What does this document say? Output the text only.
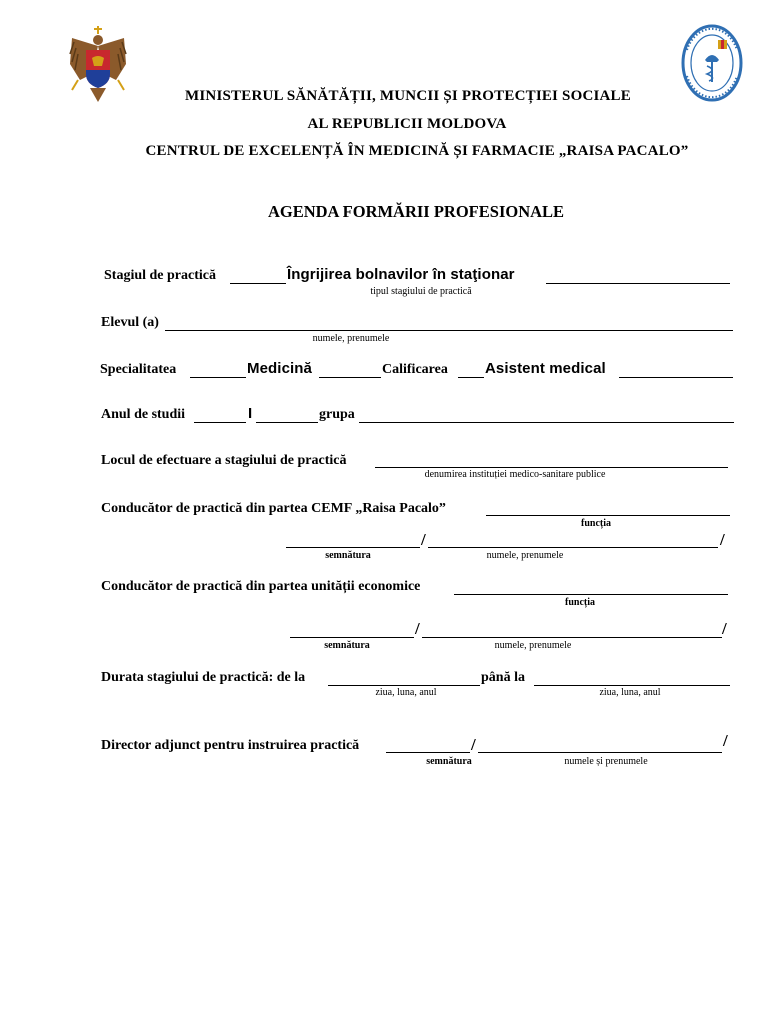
MINISTERUL SĂNĂTĂȚII, MUNCII ȘI PROTECȚIEI SOCIALE
AL REPUBLICII MOLDOVA
CENTRUL DE EXCELENȚĂ ÎN MEDICINĂ ȘI FARMACIE „RAISA PACALO”
AGENDA FORMĂRII PROFESIONALE
Stagiul de practică	Îngrijirea bolnavilor în staţionar
tipul stagiului de practică
Elevul (a)
numele, prenumele
Specialitatea	Medicină	Calificarea Asistent medical
Anul de studii	I	grupa
Locul de efectuare a stagiului de practică
denumirea instituției medico-sanitare publice
Conducător de practică din partea CEMF „Raisa Pacalo”
funcția
/	/
semnătura	numele, prenumele
Conducător de practică din partea unității economice
funcția
/	/
semnătura	numele, prenumele
Durata stagiului de practică: de la	până la
ziua, luna, anul	ziua, luna, anul
Director adjunct pentru instruirea practică	/	/
semnătura	numele și prenumele
